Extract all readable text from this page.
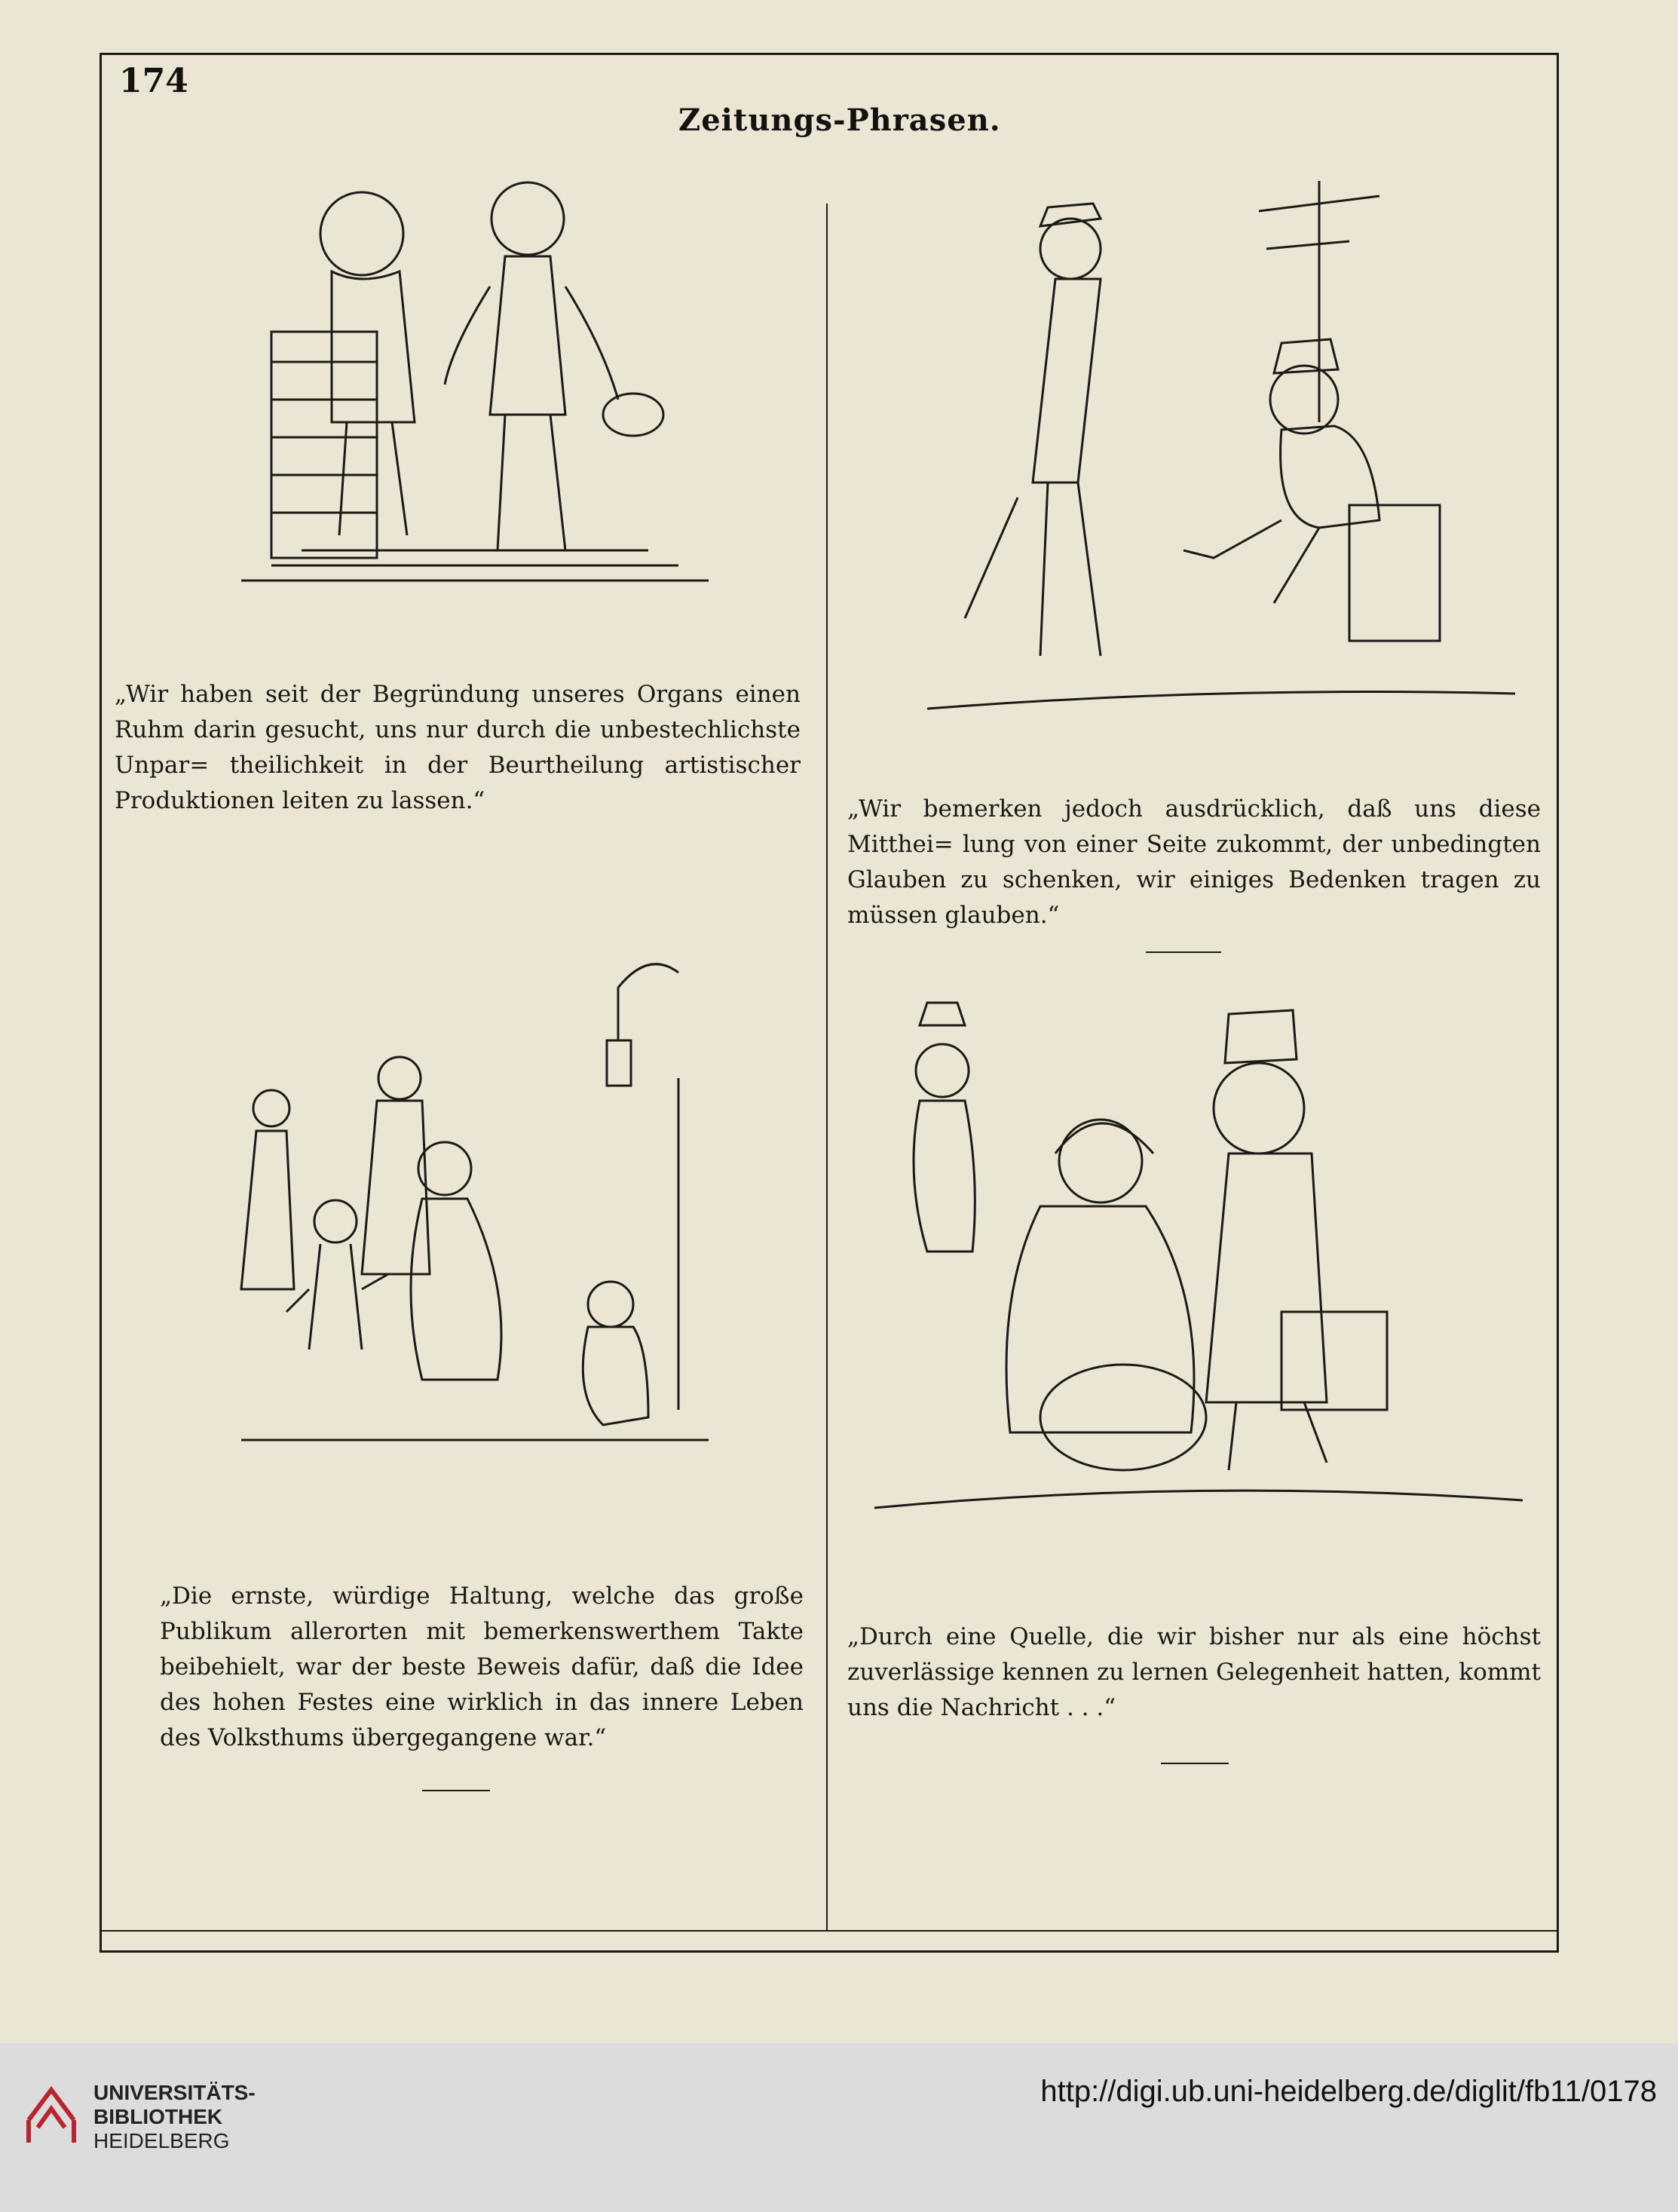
174
Zeitungs-Phrasen.
„Wir haben seit der Begründung unseres Organs einen Ruhm darin gesucht, uns nur durch die unbestechlichste Unpar= theilichkeit in der Beurtheilung artistischer Produktionen leiten zu lassen.“	„Wir bemerken jedoch ausdrücklich, daß uns diese Mitthei= lung von einer Seite zukommt, der unbedingten Glauben zu schenken, wir einiges Bedenken tragen zu müssen glauben.“
„Die ernste, würdige Haltung, welche das große Publikum allerorten mit bemerkenswerthem Takte beibehielt, war der beste Beweis dafür, daß die Idee des hohen Festes eine wirklich in das innere Leben des Volksthums übergegangene war.“
„Durch eine Quelle, die wir bisher nur als eine höchst zuverlässige kennen zu lernen Gelegenheit hatten, kommt uns die Nachricht . . .“
UNIVERSITÄTS-
BIBLIOTHEK
HEIDELBERG
http://digi.ub.uni-heidelberg.de/diglit/fb11/0178
